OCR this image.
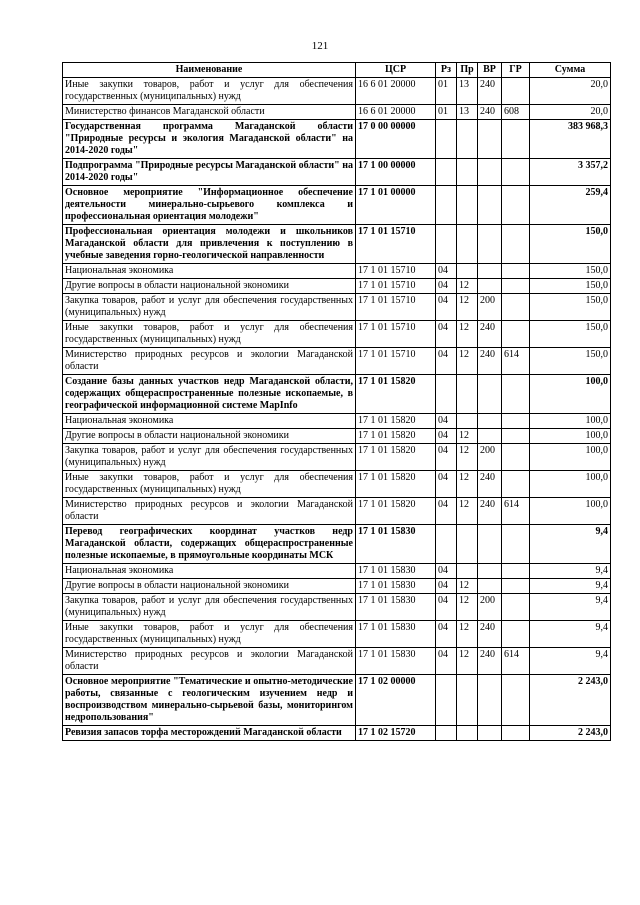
121
Наименование	ЦСР	Рз	Пр	ВР	ГР	Сумма
Иные закупки товаров, работ и услуг для обеспечения государственных (муниципальных) нужд	16 6 01 20000	01	13	240		20,0
Министерство финансов Магаданской области	16 6 01 20000	01	13	240	608	20,0
Государственная программа Магаданской области "Природные ресурсы и экология Магаданской области" на 2014-2020 годы"	17 0 00 00000					383 968,3
Подпрограмма "Природные ресурсы Магаданской области" на 2014-2020 годы"	17 1 00 00000					3 357,2
Основное мероприятие "Информационное обеспечение деятельности минерально-сырьевого комплекса и профессиональная ориентация молодежи"	17 1 01 00000					259,4
Профессиональная ориентация молодежи и школьников Магаданской области для привлечения к поступлению в учебные заведения горно-геологической направленности	17 1 01 15710					150,0
Национальная экономика	17 1 01 15710	04				150,0
Другие вопросы в области национальной экономики	17 1 01 15710	04	12			150,0
Закупка товаров, работ и услуг для обеспечения государственных (муниципальных) нужд	17 1 01 15710	04	12	200		150,0
Иные закупки товаров, работ и услуг для обеспечения государственных (муниципальных) нужд	17 1 01 15710	04	12	240		150,0
Министерство природных ресурсов и экологии Магаданской области	17 1 01 15710	04	12	240	614	150,0
Создание базы данных участков недр Магаданской области, содержащих общераспространенные полезные ископаемые, в географической информационной системе MapInfo	17 1 01 15820					100,0
Национальная экономика	17 1 01 15820	04				100,0
Другие вопросы в области национальной экономики	17 1 01 15820	04	12			100,0
Закупка товаров, работ и услуг для обеспечения государственных (муниципальных) нужд	17 1 01 15820	04	12	200		100,0
Иные закупки товаров, работ и услуг для обеспечения государственных (муниципальных) нужд	17 1 01 15820	04	12	240		100,0
Министерство природных ресурсов и экологии Магаданской области	17 1 01 15820	04	12	240	614	100,0
Перевод географических координат участков недр Магаданской области, содержащих общераспространенные полезные ископаемые, в прямоугольные координаты МСК	17 1 01 15830					9,4
Национальная экономика	17 1 01 15830	04				9,4
Другие вопросы в области национальной экономики	17 1 01 15830	04	12			9,4
Закупка товаров, работ и услуг для обеспечения государственных (муниципальных) нужд	17 1 01 15830	04	12	200		9,4
Иные закупки товаров, работ и услуг для обеспечения государственных (муниципальных) нужд	17 1 01 15830	04	12	240		9,4
Министерство природных ресурсов и экологии Магаданской области	17 1 01 15830	04	12	240	614	9,4
Основное мероприятие "Тематические и опытно-методические работы, связанные с геологическим изучением недр и воспроизводством минерально-сырьевой базы, мониторингом недропользования"	17 1 02 00000					2 243,0
Ревизия запасов торфа месторождений Магаданской области	17 1 02 15720					2 243,0
